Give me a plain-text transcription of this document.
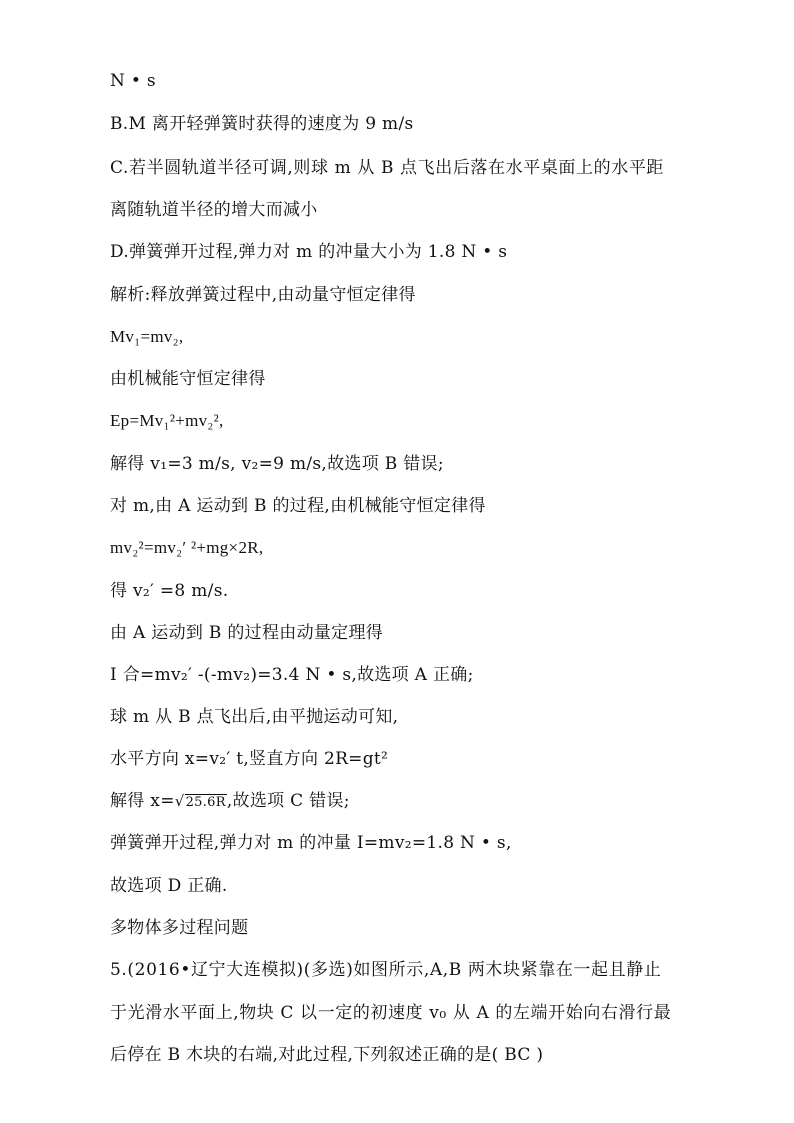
N • s
B.M 离开轻弹簧时获得的速度为 9 m/s
C.若半圆轨道半径可调,则球 m 从 B 点飞出后落在水平桌面上的水平距
离随轨道半径的增大而减小
D.弹簧弹开过程,弹力对 m 的冲量大小为 1.8 N • s
解析:释放弹簧过程中,由动量守恒定律得
Mv₁=mv₂,
由机械能守恒定律得
Ep=Mv₁²+mv₂²,
解得 v₁=3 m/s, v₂=9 m/s,故选项 B 错误;
对 m,由 A 运动到 B 的过程,由机械能守恒定律得
mv₂²=mv₂′ ²+mg×2R,
得 v₂′ =8 m/s.
由 A 运动到 B 的过程由动量定理得
I 合=mv₂′ -(-mv₂)=3.4 N • s,故选项 A 正确;
球 m 从 B 点飞出后,由平抛运动可知,
水平方向 x=v₂′ t,竖直方向 2R=gt²
解得 x=√25.6R,故选项 C 错误;
弹簧弹开过程,弹力对 m 的冲量 I=mv₂=1.8 N • s,
故选项 D 正确.
多物体多过程问题
5.(2016•辽宁大连模拟)(多选)如图所示,A,B 两木块紧靠在一起且静止
于光滑水平面上,物块 C 以一定的初速度 v₀ 从 A 的左端开始向右滑行最
后停在 B 木块的右端,对此过程,下列叙述正确的是( BC )
